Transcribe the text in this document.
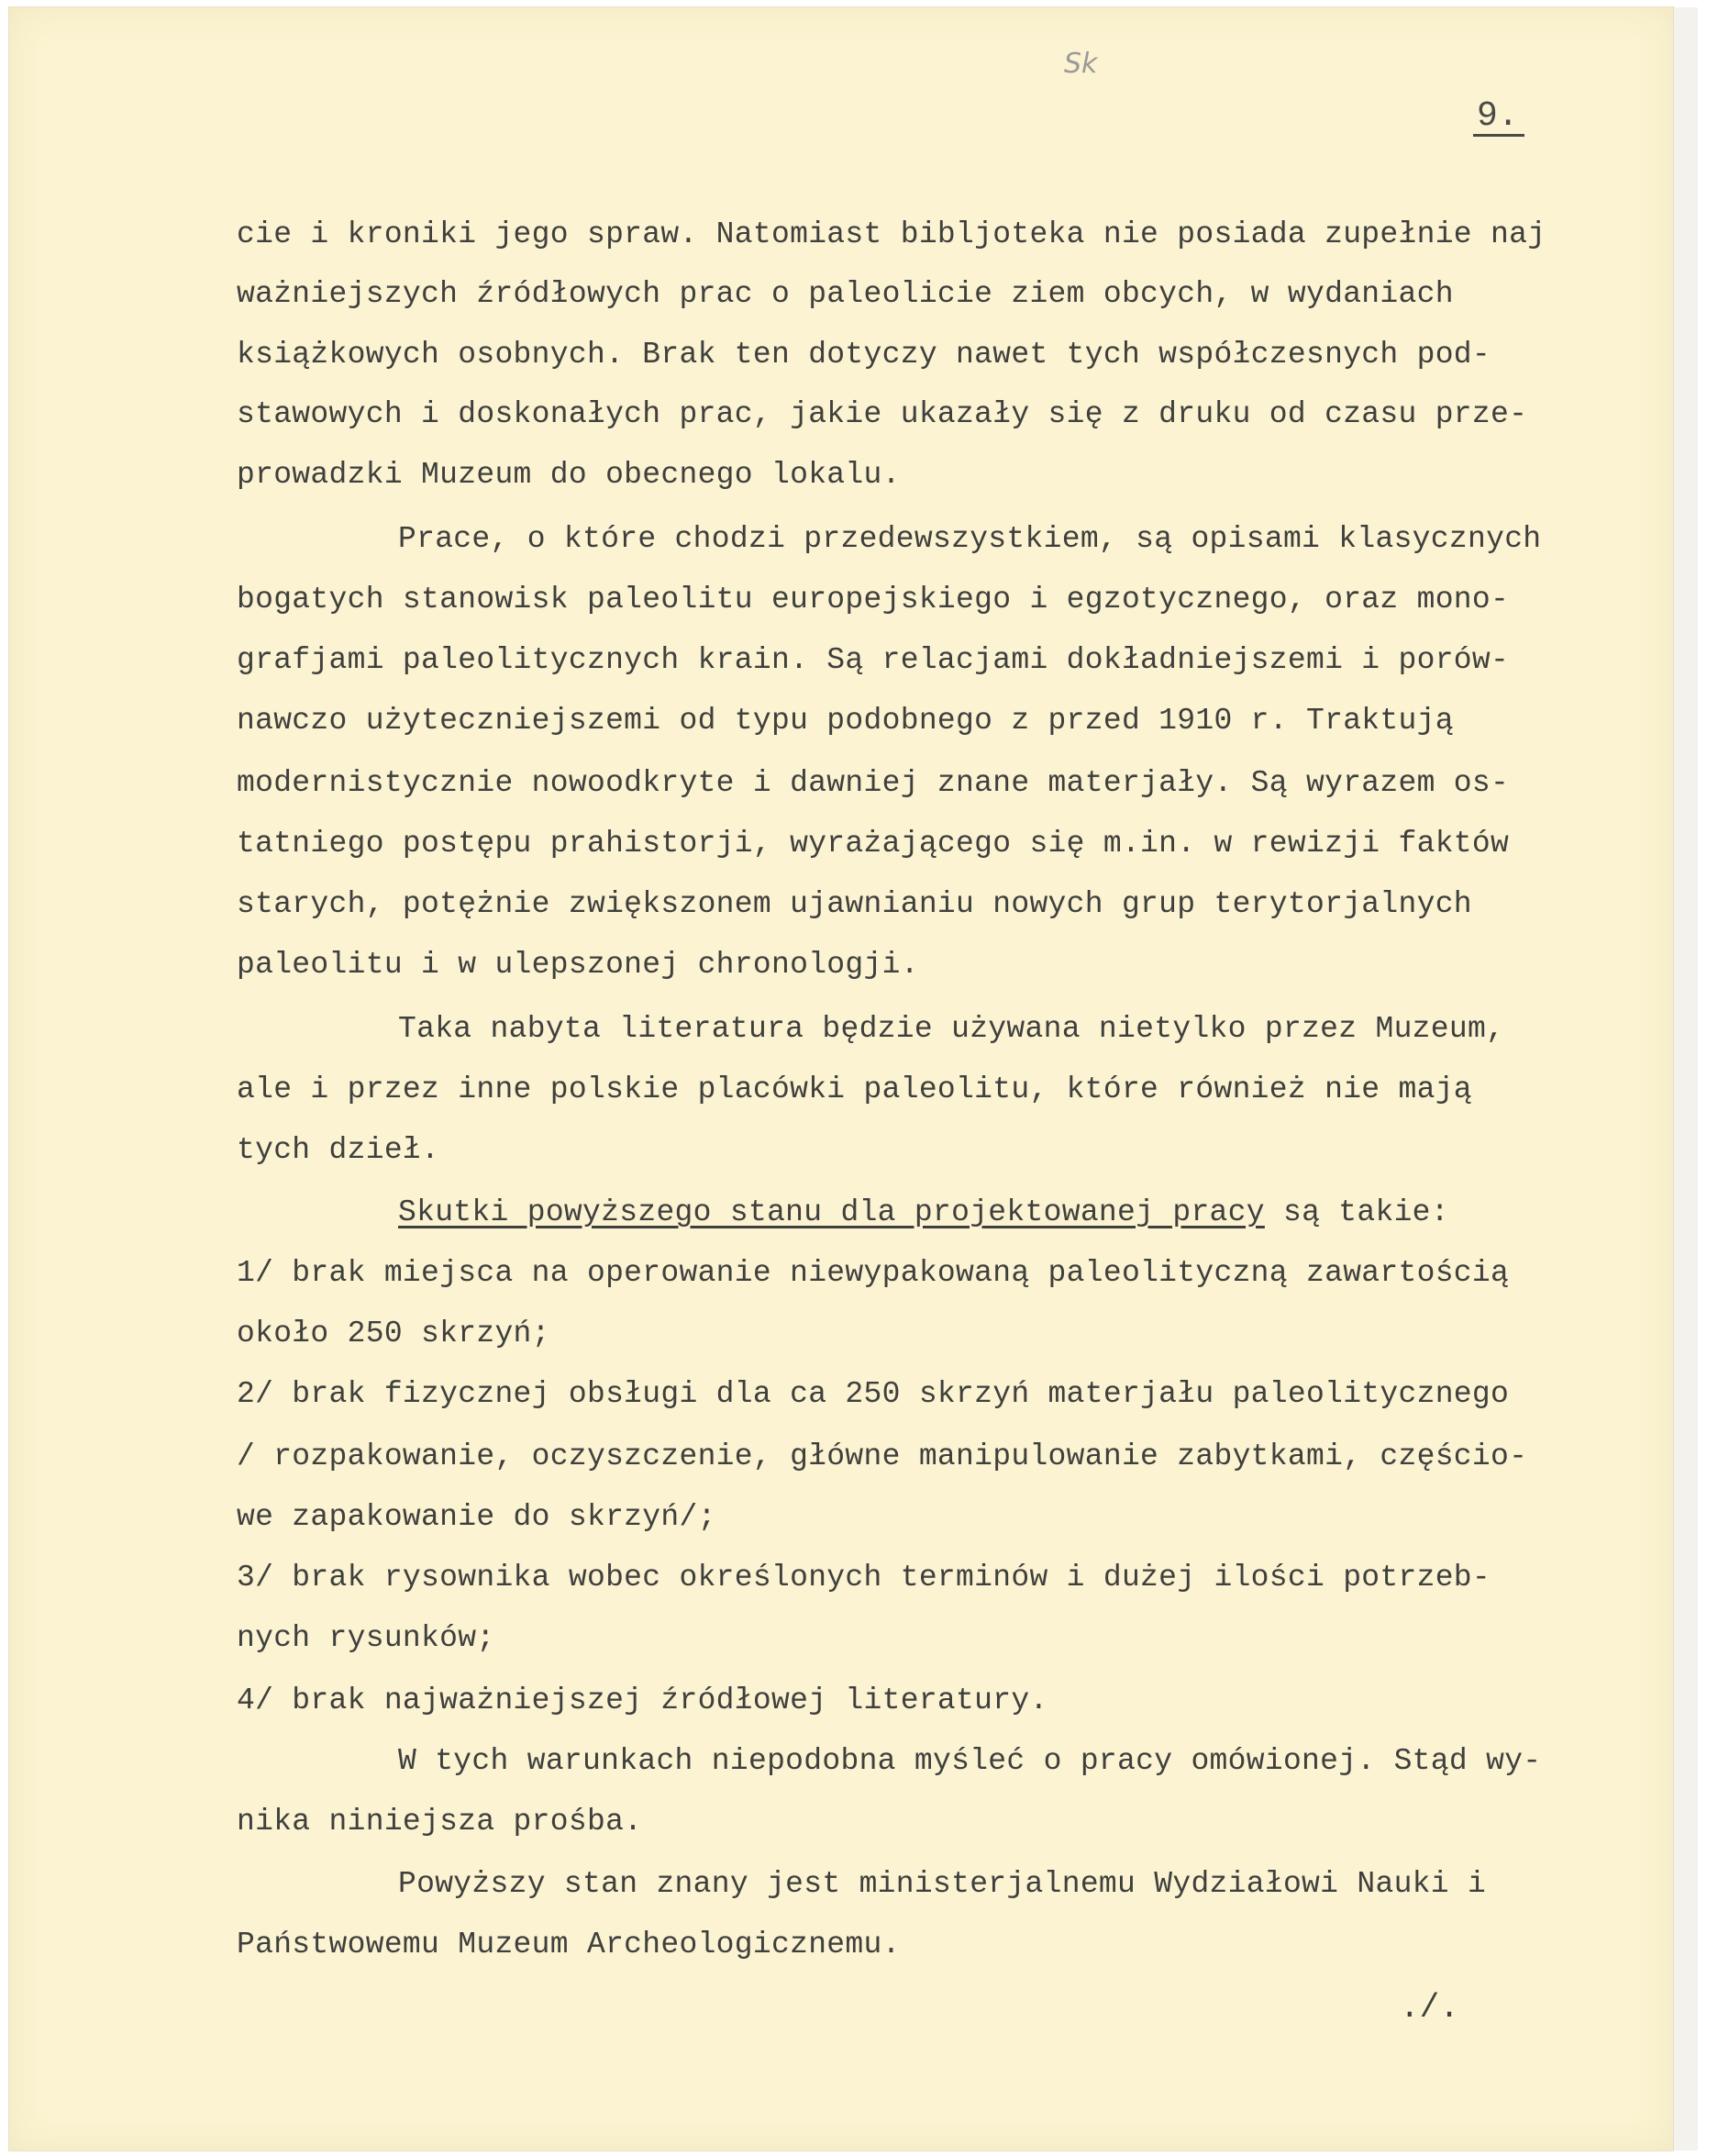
Sk
9.
cie i kroniki jego spraw. Natomiast bibljoteka nie posiada zupełnie naj
ważniejszych źródłowych prac o paleolicie ziem obcych, w wydaniach
książkowych osobnych. Brak ten dotyczy nawet tych współczesnych pod-
stawowych i doskonałych prac, jakie ukazały się z druku od czasu prze-
prowadzki Muzeum do obecnego lokalu.
Prace, o które chodzi przedewszystkiem, są opisami klasycznych
bogatych stanowisk paleolitu europejskiego i egzotycznego, oraz mono-
grafjami paleolitycznych krain. Są relacjami dokładniejszemi i porów-
nawczo użyteczniejszemi od typu podobnego z przed 1910 r. Traktują
modernistycznie nowoodkryte i dawniej znane materjały. Są wyrazem os-
tatniego postępu prahistorji, wyrażającego się m.in. w rewizji faktów
starych, potężnie zwiększonem ujawnianiu nowych grup terytorjalnych
paleolitu i w ulepszonej chronologji.
Taka nabyta literatura będzie używana nietylko przez Muzeum,
ale i przez inne polskie placówki paleolitu, które również nie mają
tych dzieł.
Skutki powyższego stanu dla projektowanej pracy są takie:
1/ brak miejsca na operowanie niewypakowaną paleolityczną zawartością
około 250 skrzyń;
2/ brak fizycznej obsługi dla ca 250 skrzyń materjału paleolitycznego
/ rozpakowanie, oczyszczenie, główne manipulowanie zabytkami, częścio-
we zapakowanie do skrzyń/;
3/ brak rysownika wobec określonych terminów i dużej ilości potrzeb-
nych rysunków;
4/ brak najważniejszej źródłowej literatury.
W tych warunkach niepodobna myśleć o pracy omówionej. Stąd wy-
nika niniejsza prośba.
Powyższy stan znany jest ministerjalnemu Wydziałowi Nauki i
Państwowemu Muzeum Archeologicznemu.
./.
